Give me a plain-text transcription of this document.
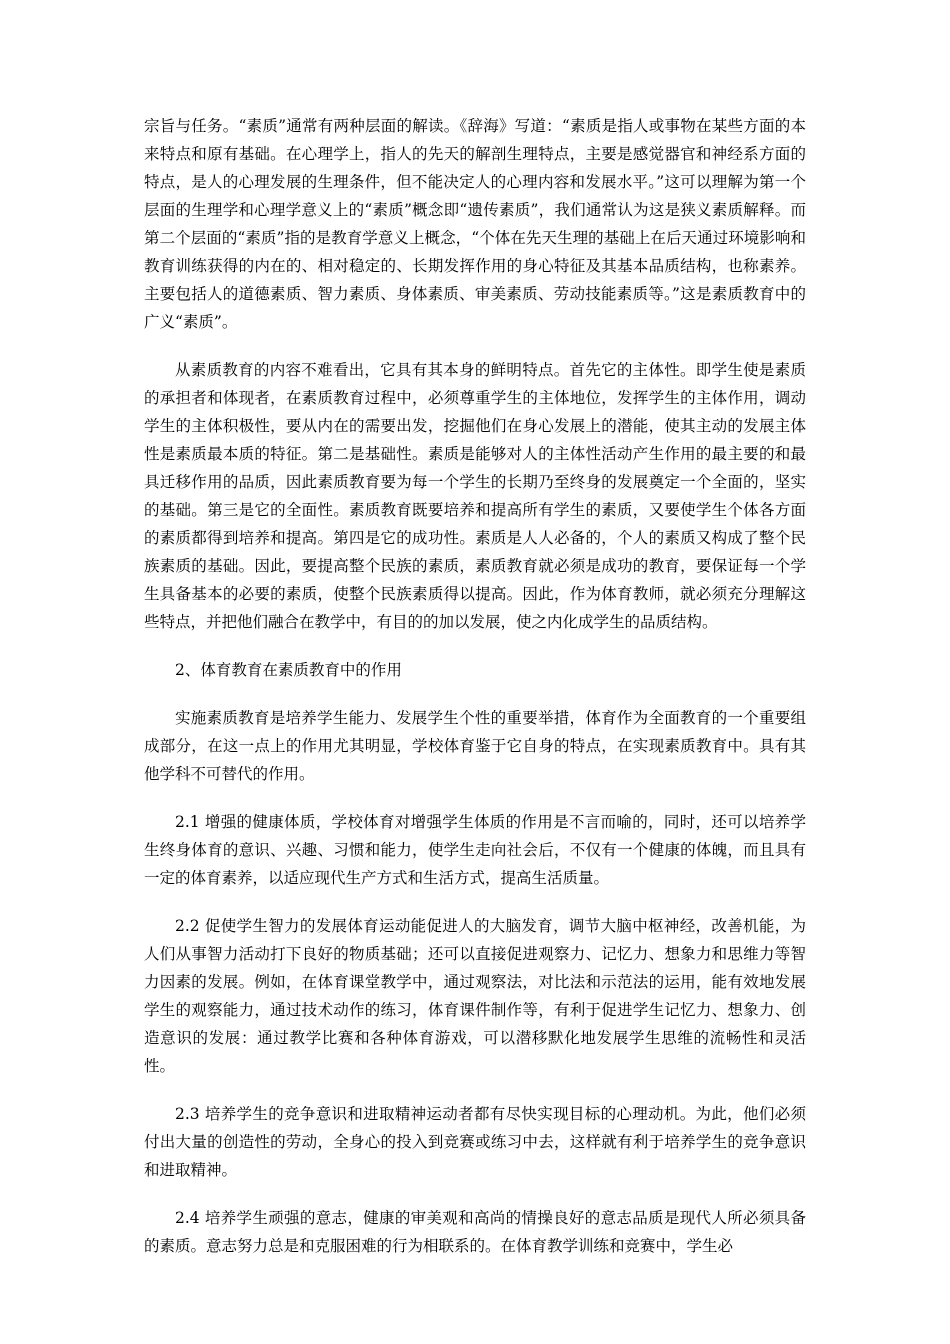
宗旨与任务。“素质”通常有两种层面的解读。《辞海》写道：“素质是指人或事物在某些方面的本来特点和原有基础。在心理学上，指人的先天的解剖生理特点，主要是感觉器官和神经系方面的特点，是人的心理发展的生理条件，但不能决定人的心理内容和发展水平。”这可以理解为第一个层面的生理学和心理学意义上的“素质”概念即“遗传素质”，我们通常认为这是狭义素质解释。而第二个层面的“素质”指的是教育学意义上概念，“个体在先天生理的基础上在后天通过环境影响和教育训练获得的内在的、相对稳定的、长期发挥作用的身心特征及其基本品质结构，也称素养。主要包括人的道德素质、智力素质、身体素质、审美素质、劳动技能素质等。”这是素质教育中的广义“素质”。

从素质教育的内容不难看出，它具有其本身的鲜明特点。首先它的主体性。即学生使是素质的承担者和体现者，在素质教育过程中，必须尊重学生的主体地位，发挥学生的主体作用，调动学生的主体积极性，要从内在的需要出发，挖掘他们在身心发展上的潜能，使其主动的发展主体性是素质最本质的特征。第二是基础性。素质是能够对人的主体性活动产生作用的最主要的和最具迁移作用的品质，因此素质教育要为每一个学生的长期乃至终身的发展奠定一个全面的，坚实的基础。第三是它的全面性。素质教育既要培养和提高所有学生的素质，又要使学生个体各方面的素质都得到培养和提高。第四是它的成功性。素质是人人必备的，个人的素质又构成了整个民族素质的基础。因此，要提高整个民族的素质，素质教育就必须是成功的教育，要保证每一个学生具备基本的必要的素质，使整个民族素质得以提高。因此，作为体育教师，就必须充分理解这些特点，并把他们融合在教学中，有目的的加以发展，使之内化成学生的品质结构。

2、体育教育在素质教育中的作用

实施素质教育是培养学生能力、发展学生个性的重要举措，体育作为全面教育的一个重要组成部分，在这一点上的作用尤其明显，学校体育鉴于它自身的特点，在实现素质教育中。具有其他学科不可替代的作用。

2.1 增强的健康体质，学校体育对增强学生体质的作用是不言而喻的，同时，还可以培养学生终身体育的意识、兴趣、习惯和能力，使学生走向社会后，不仅有一个健康的体魄，而且具有一定的体育素养，以适应现代生产方式和生活方式，提高生活质量。

2.2 促使学生智力的发展体育运动能促进人的大脑发育，调节大脑中枢神经，改善机能，为人们从事智力活动打下良好的物质基础；还可以直接促进观察力、记忆力、想象力和思维力等智力因素的发展。例如，在体育课堂教学中，通过观察法，对比法和示范法的运用，能有效地发展学生的观察能力，通过技术动作的练习，体育课件制作等，有利于促进学生记忆力、想象力、创造意识的发展：通过教学比赛和各种体育游戏，可以潜移默化地发展学生思维的流畅性和灵活性。

2.3 培养学生的竞争意识和进取精神运动者都有尽快实现目标的心理动机。为此，他们必须付出大量的创造性的劳动，全身心的投入到竞赛或练习中去，这样就有利于培养学生的竞争意识和进取精神。

2.4 培养学生顽强的意志，健康的审美观和高尚的情操良好的意志品质是现代人所必须具备的素质。意志努力总是和克服困难的行为相联系的。在体育教学训练和竞赛中，学生必
